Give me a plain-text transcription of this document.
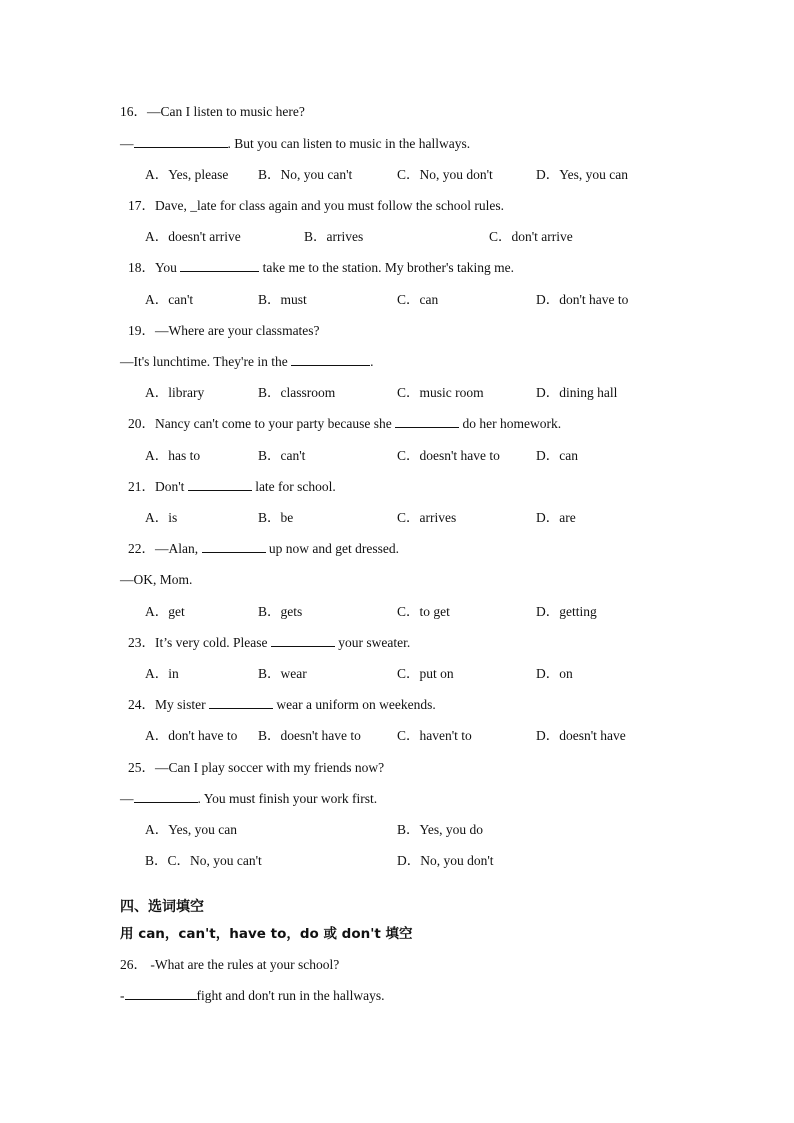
16．—Can I listen to music here?
—	. But you can listen to music in the hallways.
A．Yes, please B．No, you can't	C．No, you don't	D．Yes, you can
17．Dave, _late for class again and you must follow the school rules.
A．doesn't arrive	B．arrives	C．don't arrive
18．You	take me to the station. My brother's taking me.
A．can't	B．must	C．can	D．don't have to
19．—Where are your classmates?
—It's lunchtime. They're in the	.
A．library	B．classroom	C．music room	D．dining hall
20．Nancy can't come to your party because she	do her homework.
A．has to	B．can't	C．doesn't have to	D．can
21．Don't	late for school.
A．is	B．be	C．arrives	D．are
22．—Alan,	up now and get dressed.
—OK, Mom.
A．get	B．gets	C．to get	D．getting
23．It’s very cold. Please	your sweater.
A．in	B．wear	C．put on	D．on
24．My sister	wear a uniform on weekends.
A．don't have to B．doesn't have to	C．haven't to	D．doesn't have
25．—Can I play soccer with my friends now?
—	. You must finish your work first.
A．Yes, you can	B．Yes, you do
B．C．No, you can't	D．No, you don't
四、选词填空
用 can，can't，have to，do 或 don't 填空
26． -What are the rules at your school?
-	fight and don't run in the hallways.
